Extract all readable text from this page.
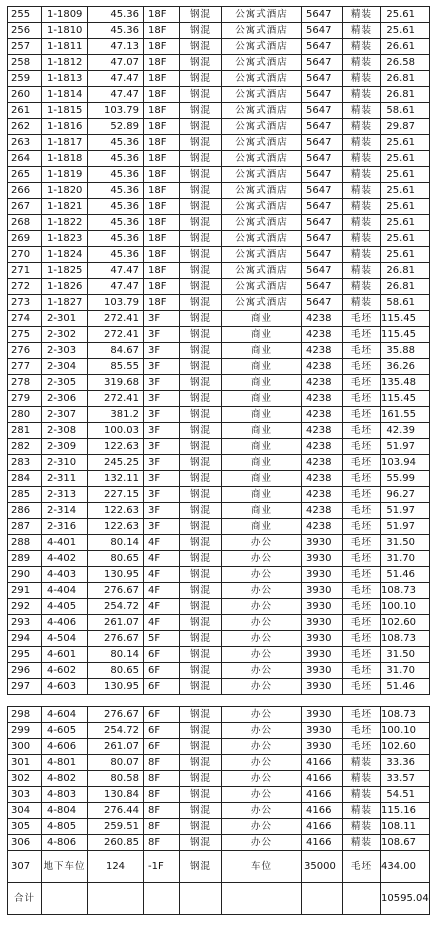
255	1-1809	45.36	18F	钢混	公寓式酒店	5647	精装	25.61
256	1-1810	45.36	18F	钢混	公寓式酒店	5647	精装	25.61
257	1-1811	47.13	18F	钢混	公寓式酒店	5647	精装	26.61
258	1-1812	47.07	18F	钢混	公寓式酒店	5647	精装	26.58
259	1-1813	47.47	18F	钢混	公寓式酒店	5647	精装	26.81
260	1-1814	47.47	18F	钢混	公寓式酒店	5647	精装	26.81
261	1-1815	103.79	18F	钢混	公寓式酒店	5647	精装	58.61
262	1-1816	52.89	18F	钢混	公寓式酒店	5647	精装	29.87
263	1-1817	45.36	18F	钢混	公寓式酒店	5647	精装	25.61
264	1-1818	45.36	18F	钢混	公寓式酒店	5647	精装	25.61
265	1-1819	45.36	18F	钢混	公寓式酒店	5647	精装	25.61
266	1-1820	45.36	18F	钢混	公寓式酒店	5647	精装	25.61
267	1-1821	45.36	18F	钢混	公寓式酒店	5647	精装	25.61
268	1-1822	45.36	18F	钢混	公寓式酒店	5647	精装	25.61
269	1-1823	45.36	18F	钢混	公寓式酒店	5647	精装	25.61
270	1-1824	45.36	18F	钢混	公寓式酒店	5647	精装	25.61
271	1-1825	47.47	18F	钢混	公寓式酒店	5647	精装	26.81
272	1-1826	47.47	18F	钢混	公寓式酒店	5647	精装	26.81
273	1-1827	103.79	18F	钢混	公寓式酒店	5647	精装	58.61
274	2-301	272.41	3F	钢混	商业	4238	毛坯	115.45
275	2-302	272.41	3F	钢混	商业	4238	毛坯	115.45
276	2-303	84.67	3F	钢混	商业	4238	毛坯	35.88
277	2-304	85.55	3F	钢混	商业	4238	毛坯	36.26
278	2-305	319.68	3F	钢混	商业	4238	毛坯	135.48
279	2-306	272.41	3F	钢混	商业	4238	毛坯	115.45
280	2-307	381.2	3F	钢混	商业	4238	毛坯	161.55
281	2-308	100.03	3F	钢混	商业	4238	毛坯	42.39
282	2-309	122.63	3F	钢混	商业	4238	毛坯	51.97
283	2-310	245.25	3F	钢混	商业	4238	毛坯	103.94
284	2-311	132.11	3F	钢混	商业	4238	毛坯	55.99
285	2-313	227.15	3F	钢混	商业	4238	毛坯	96.27
286	2-314	122.63	3F	钢混	商业	4238	毛坯	51.97
287	2-316	122.63	3F	钢混	商业	4238	毛坯	51.97
288	4-401	80.14	4F	钢混	办公	3930	毛坯	31.50
289	4-402	80.65	4F	钢混	办公	3930	毛坯	31.70
290	4-403	130.95	4F	钢混	办公	3930	毛坯	51.46
291	4-404	276.67	4F	钢混	办公	3930	毛坯	108.73
292	4-405	254.72	4F	钢混	办公	3930	毛坯	100.10
293	4-406	261.07	4F	钢混	办公	3930	毛坯	102.60
294	4-504	276.67	5F	钢混	办公	3930	毛坯	108.73
295	4-601	80.14	6F	钢混	办公	3930	毛坯	31.50
296	4-602	80.65	6F	钢混	办公	3930	毛坯	31.70
297	4-603	130.95	6F	钢混	办公	3930	毛坯	51.46
298	4-604	276.67	6F	钢混	办公	3930	毛坯	108.73
299	4-605	254.72	6F	钢混	办公	3930	毛坯	100.10
300	4-606	261.07	6F	钢混	办公	3930	毛坯	102.60
301	4-801	80.07	8F	钢混	办公	4166	精装	33.36
302	4-802	80.58	8F	钢混	办公	4166	精装	33.57
303	4-803	130.84	8F	钢混	办公	4166	精装	54.51
304	4-804	276.44	8F	钢混	办公	4166	精装	115.16
305	4-805	259.51	8F	钢混	办公	4166	精装	108.11
306	4-806	260.85	8F	钢混	办公	4166	精装	108.67
307	地下车位	124	-1F	钢混	车位	35000	毛坯	434.00
合计								10595.04
